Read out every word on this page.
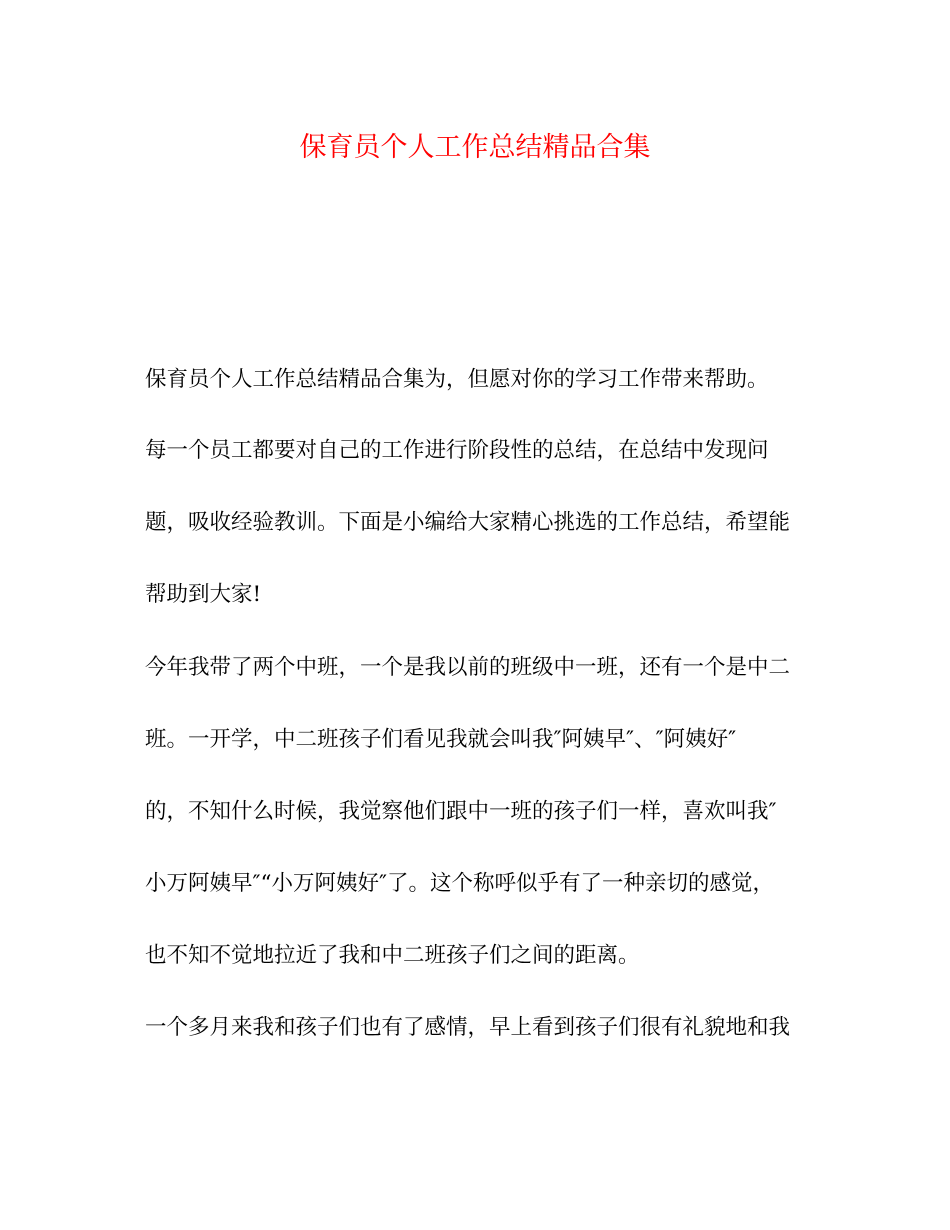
保育员个人工作总结精品合集

保育员个人工作总结精品合集为，但愿对你的学习工作带来帮助。

每一个员工都要对自己的工作进行阶段性的总结，在总结中发现问

题，吸收经验教训。下面是小编给大家精心挑选的工作总结，希望能

帮助到大家!

今年我带了两个中班，一个是我以前的班级中一班，还有一个是中二

班。一开学，中二班孩子们看见我就会叫我″阿姨早″、″阿姨好″

的，不知什么时候，我觉察他们跟中一班的孩子们一样，喜欢叫我″

小万阿姨早″“小万阿姨好″了。这个称呼似乎有了一种亲切的感觉，

也不知不觉地拉近了我和中二班孩子们之间的距离。

一个多月来我和孩子们也有了感情，早上看到孩子们很有礼貌地和我
